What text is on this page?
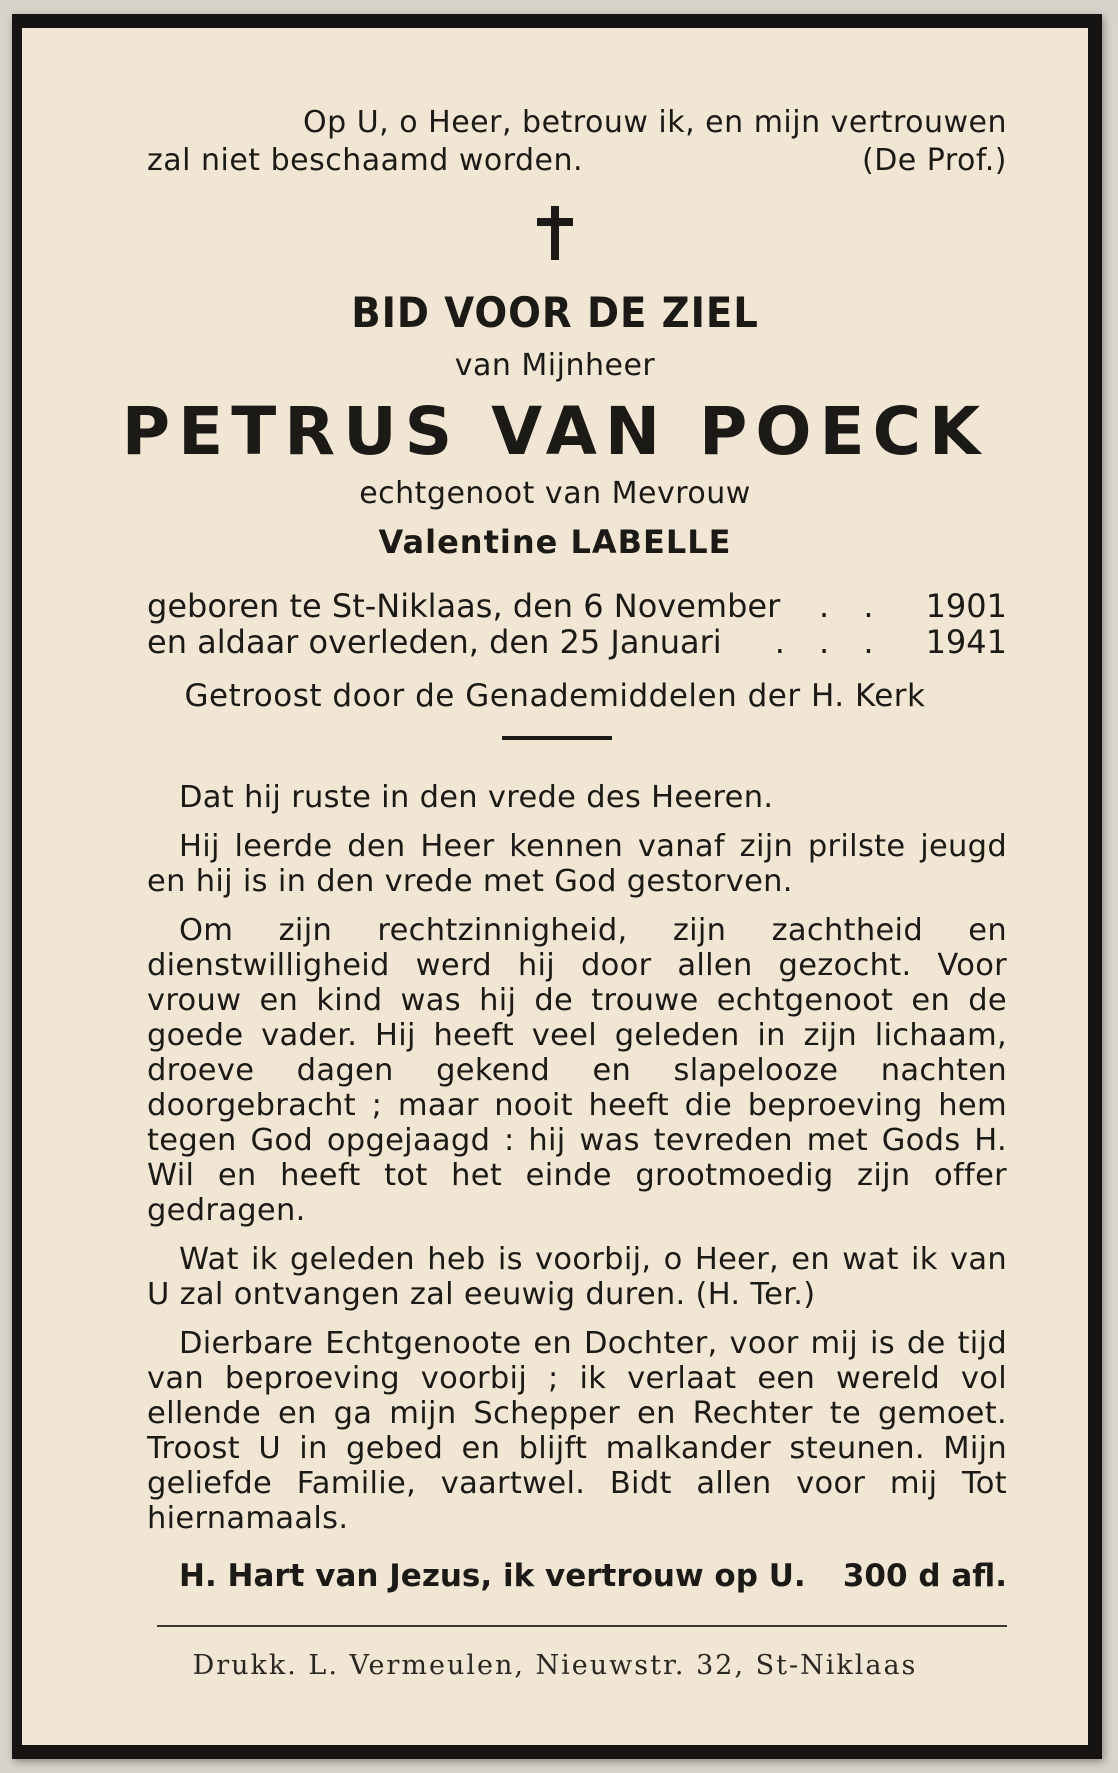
Op U, o Heer, betrouw ik, en mijn vertrouwen
zal niet beschaamd worden.	(De Prof.)
BID VOOR DE ZIEL
van Mijnheer
PETRUS VAN POECK
echtgenoot van Mevrouw
Valentine LABELLE
geboren te St-Niklaas, den 6 November	. .	1901
en aldaar overleden, den 25 Januari	. . .	1941
Getroost door de Genademiddelen der H. Kerk

Dat hij ruste in den vrede des Heeren.

Hij leerde den Heer kennen vanaf zijn prilste jeugd en hij is in den vrede met God gestorven.

Om zijn rechtzinnigheid, zijn zachtheid en dienstwilligheid werd hij door allen gezocht. Voor vrouw en kind was hij de trouwe echtgenoot en de goede vader. Hij heeft veel geleden in zijn lichaam, droeve dagen gekend en slapelooze nachten doorgebracht ; maar nooit heeft die beproeving hem tegen God opgejaagd : hij was tevreden met Gods H. Wil en heeft tot het einde grootmoedig zijn offer gedragen.

Wat ik geleden heb is voorbij, o Heer, en wat ik van U zal ontvangen zal eeuwig duren. (H. Ter.)

Dierbare Echtgenoote en Dochter, voor mij is de tijd van beproeving voorbij ; ik verlaat een wereld vol ellende en ga mijn Schepper en Rechter te gemoet. Troost U in gebed en blijft malkander steunen. Mijn geliefde Familie, vaartwel. Bidt allen voor mij Tot hiernamaals.

H. Hart van Jezus, ik vertrouw op U. 300 d afl.
Drukk. L. Vermeulen, Nieuwstr. 32, St-Niklaas
